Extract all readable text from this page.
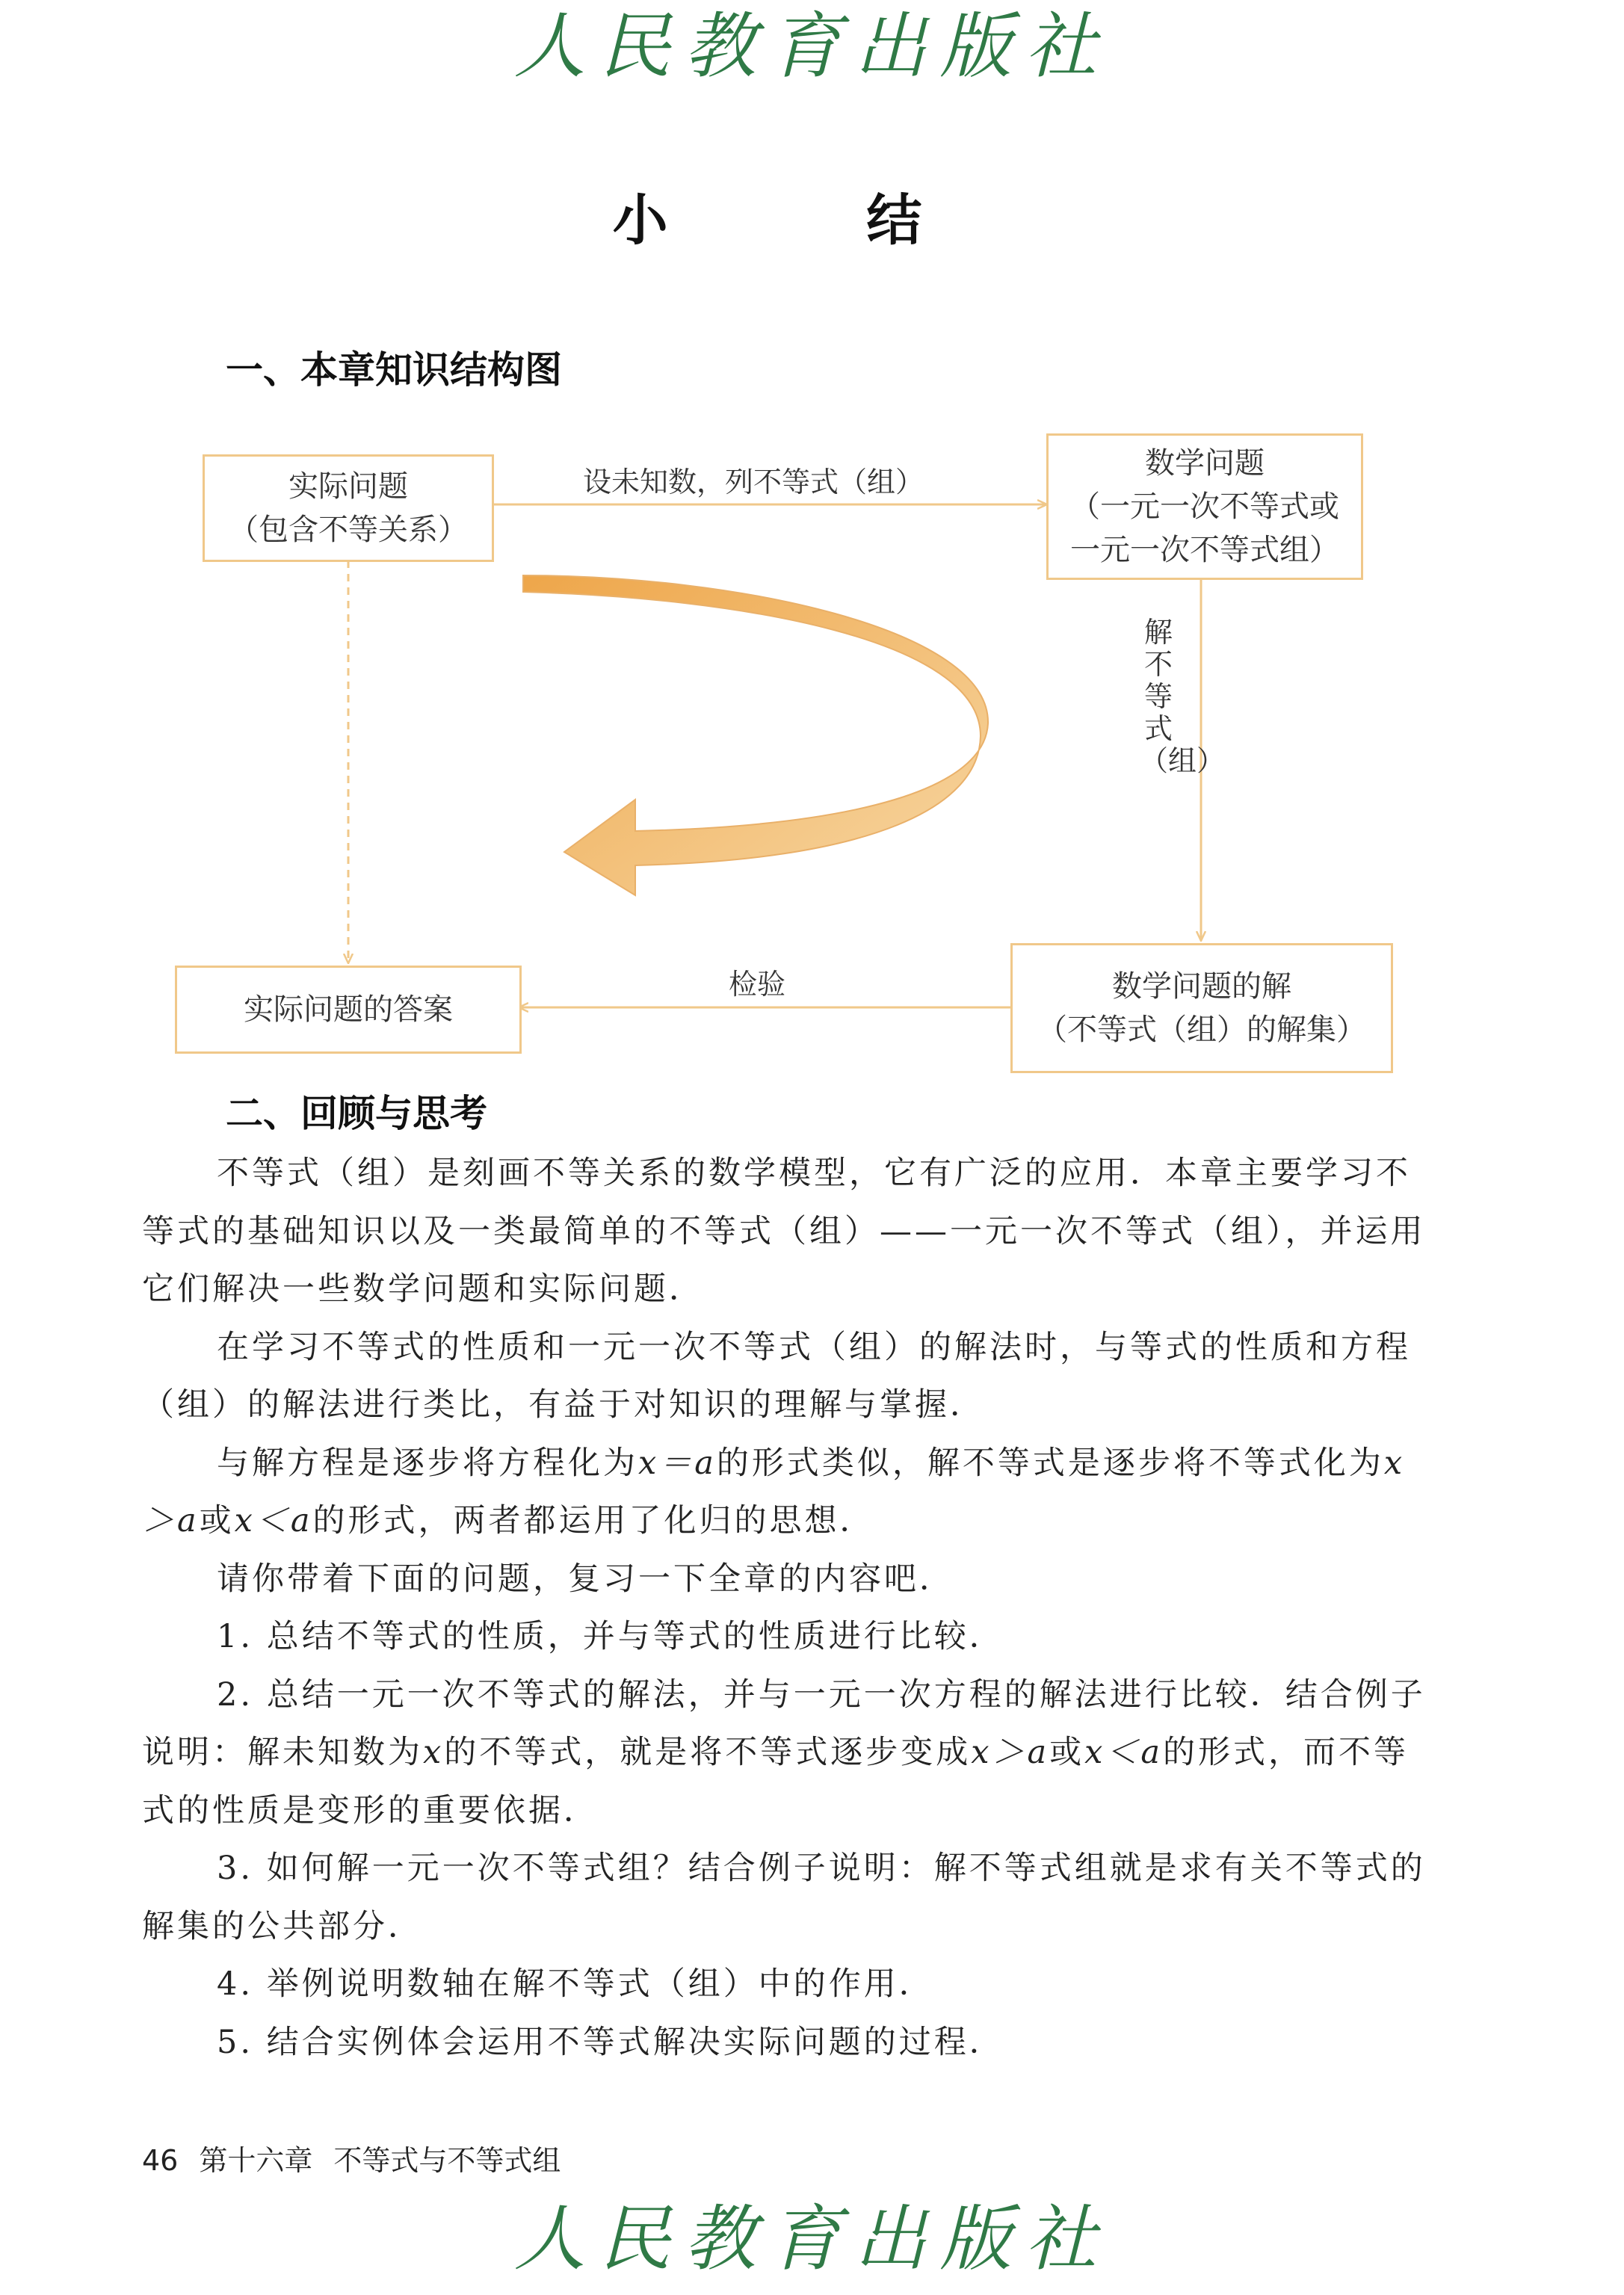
人民教育出版社
小 结
一、本章知识结构图
实际问题
（包含不等关系）
数学问题
（一元一次不等式或
一元一次不等式组）
数学问题的解
（不等式（组）的解集）
实际问题的答案
设未知数，列不等式（组）
解不等式（组）
检验
二、回顾与思考

不等式（组）是刻画不等关系的数学模型，它有广泛的应用．本章主要学习不等式的基础知识以及一类最简单的不等式（组）——一元一次不等式（组），并运用它们解决一些数学问题和实际问题．

在学习不等式的性质和一元一次不等式（组）的解法时，与等式的性质和方程（组）的解法进行类比，有益于对知识的理解与掌握．

与解方程是逐步将方程化为x＝a的形式类似，解不等式是逐步将不等式化为x＞a或x＜a的形式，两者都运用了化归的思想．

请你带着下面的问题，复习一下全章的内容吧．

1. 总结不等式的性质，并与等式的性质进行比较．

2. 总结一元一次不等式的解法，并与一元一次方程的解法进行比较．结合例子说明：解未知数为x的不等式，就是将不等式逐步变成x＞a或x＜a的形式，而不等式的性质是变形的重要依据．

3. 如何解一元一次不等式组？结合例子说明：解不等式组就是求有关不等式的解集的公共部分．

4. 举例说明数轴在解不等式（组）中的作用．

5. 结合实例体会运用不等式解决实际问题的过程．

46 第十六章 不等式与不等式组
人民教育出版社
